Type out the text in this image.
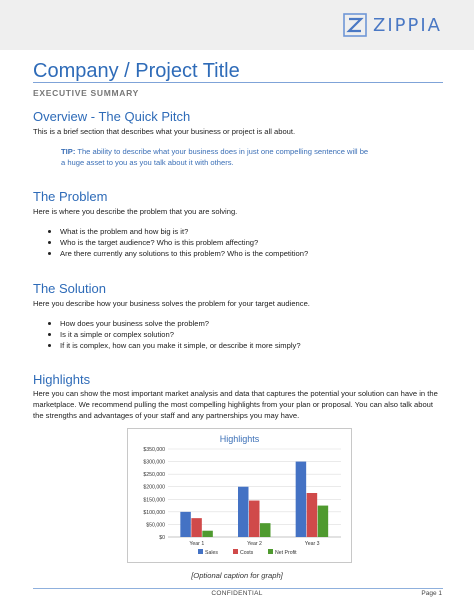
ZIPPIA
Company / Project Title
EXECUTIVE SUMMARY
Overview - The Quick Pitch
This is a brief section that describes what your business or project is all about.
TIP: The ability to describe what your business does in just one compelling sentence will be a huge asset to you as you talk about it with others.
The Problem
Here is where you describe the problem that you are solving.
What is the problem and how big is it?
Who is the target audience? Who is this problem affecting?
Are there currently any solutions to this problem? Who is the competition?
The Solution
Here you describe how your business solves the problem for your target audience.
How does your business solve the problem?
Is it a simple or complex solution?
If it is complex, how can you make it simple, or describe it more simply?
Highlights
Here you can show the most important market analysis and data that captures the potential your solution can have in the marketplace. We recommend pulling the most compelling highlights from your plan or proposal. You can also talk about the strengths and advantages of your staff and any partnerships you may have.
Highlights
$0
$50,000
$100,000
$150,000
$200,000
$250,000
$300,000
$350,000
Year 1	Year 2	Year 3
Sales	Costs	Net Profit
[Optional caption for graph]
CONFIDENTIAL	Page 1
